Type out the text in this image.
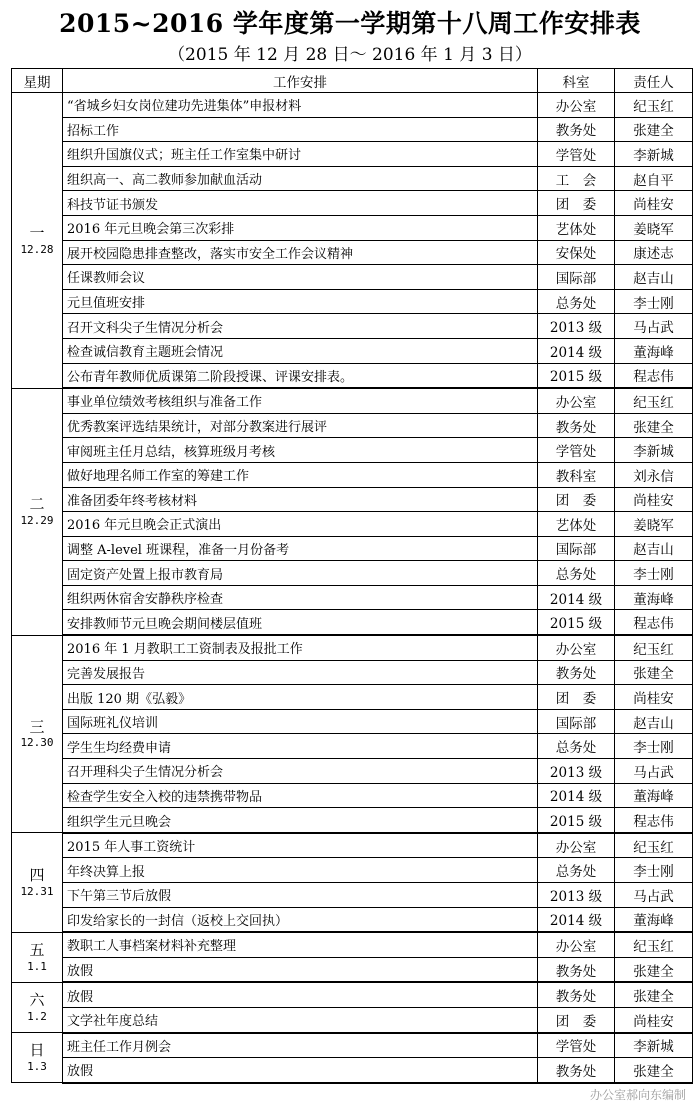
2015~2016 学年度第一学期第十八周工作安排表
（2015 年 12 月 28 日～ 2016 年 1 月 3 日）
星期	工作安排	科室	责任人

一
12.28	“省城乡妇女岗位建功先进集体”申报材料	办公室	纪玉红
	招标工作	教务处	张建全
	组织升国旗仪式；班主任工作室集中研讨	学管处	李新城
	组织高一、高二教师参加献血活动	工　会	赵自平
	科技节证书颁发	团　委	尚桂安
	2016 年元旦晚会第三次彩排	艺体处	姜晓军
	展开校园隐患排查整改，落实市安全工作会议精神	安保处	康述志
	任课教师会议	国际部	赵吉山
	元旦值班安排	总务处	李士刚
	召开文科尖子生情况分析会	2013 级	马占武
	检查诚信教育主题班会情况	2014 级	董海峰
	公布青年教师优质课第二阶段授课、评课安排表。	2015 级	程志伟

二
12.29	事业单位绩效考核组织与准备工作	办公室	纪玉红
	优秀教案评选结果统计，对部分教案进行展评	教务处	张建全
	审阅班主任月总结，核算班级月考核	学管处	李新城
	做好地理名师工作室的筹建工作	教科室	刘永信
	准备团委年终考核材料	团　委	尚桂安
	2016 年元旦晚会正式演出	艺体处	姜晓军
	调整 A-level 班课程，准备一月份备考	国际部	赵吉山
	固定资产处置上报市教育局	总务处	李士刚
	组织两休宿舍安静秩序检查	2014 级	董海峰
	安排教师节元旦晚会期间楼层值班	2015 级	程志伟

三
12.30	2016 年 1 月教职工工资制表及报批工作	办公室	纪玉红
	完善发展报告	教务处	张建全
	出版 120 期《弘毅》	团　委	尚桂安
	国际班礼仪培训	国际部	赵吉山
	学生生均经费申请	总务处	李士刚
	召开理科尖子生情况分析会	2013 级	马占武
	检查学生安全入校的违禁携带物品	2014 级	董海峰
	组织学生元旦晚会	2015 级	程志伟

四
12.31	2015 年人事工资统计	办公室	纪玉红
	年终决算上报	总务处	李士刚
	下午第三节后放假	2013 级	马占武
	印发给家长的一封信（返校上交回执）	2014 级	董海峰

五
1.1	教职工人事档案材料补充整理	办公室	纪玉红
	放假	教务处	张建全

六
1.2	放假	教务处	张建全
	文学社年度总结	团　委	尚桂安

日
1.3	班主任工作月例会	学管处	李新城
	放假	教务处	张建全
办公室郝向东编制
